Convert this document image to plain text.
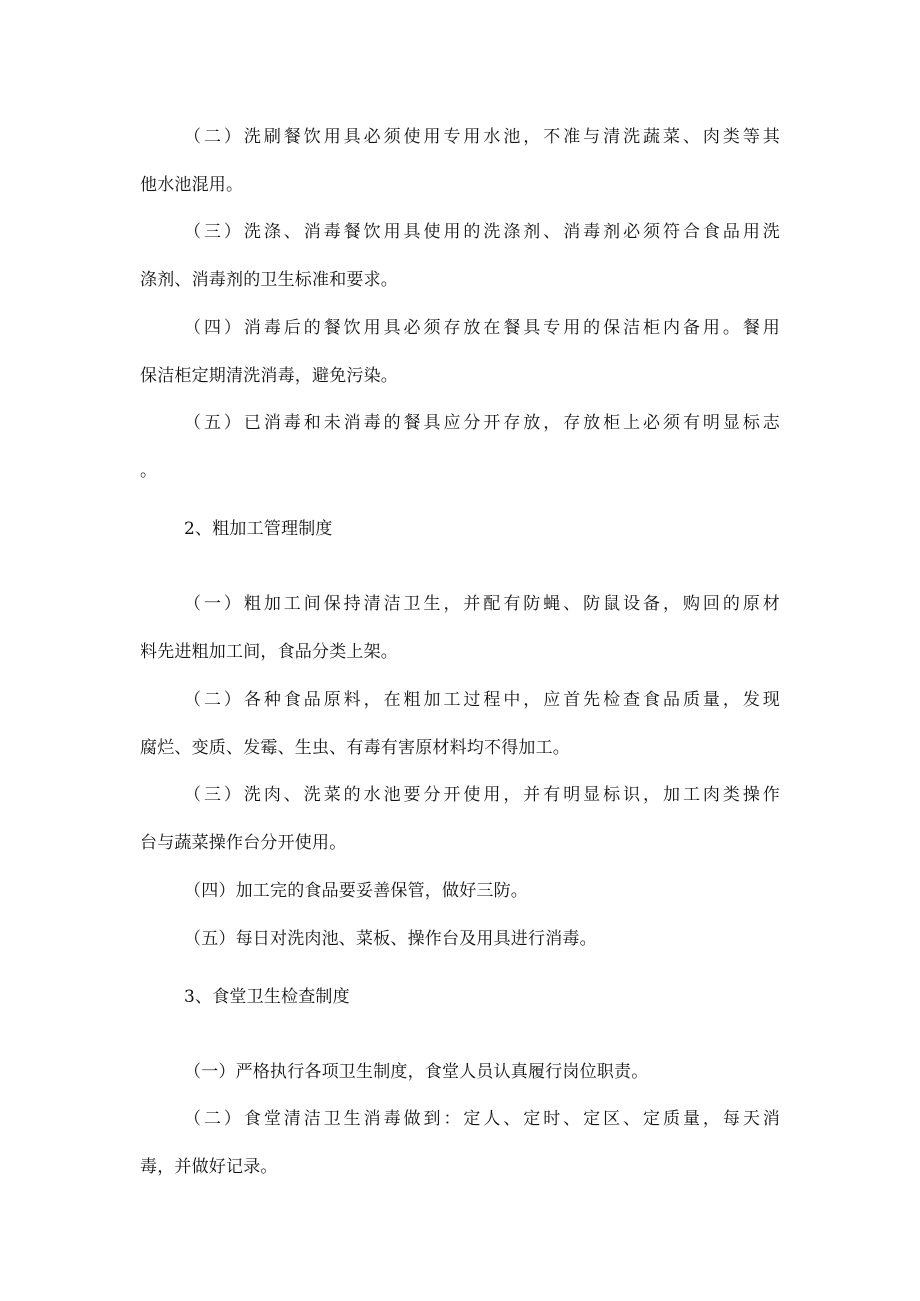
（二）洗刷餐饮用具必须使用专用水池，不准与清洗蔬菜、肉类等其
他水池混用。
（三）洗涤、消毒餐饮用具使用的洗涤剂、消毒剂必须符合食品用洗
涤剂、消毒剂的卫生标准和要求。
（四）消毒后的餐饮用具必须存放在餐具专用的保洁柜内备用。餐用
保洁柜定期清洗消毒，避免污染。
（五）已消毒和未消毒的餐具应分开存放，存放柜上必须有明显标志
。
2、粗加工管理制度
（一）粗加工间保持清洁卫生，并配有防蝇、防鼠设备，购回的原材
料先进粗加工间，食品分类上架。
（二）各种食品原料，在粗加工过程中，应首先检查食品质量，发现
腐烂、变质、发霉、生虫、有毒有害原材料均不得加工。
（三）洗肉、洗菜的水池要分开使用，并有明显标识，加工肉类操作
台与蔬菜操作台分开使用。
（四）加工完的食品要妥善保管，做好三防。
（五）每日对洗肉池、菜板、操作台及用具进行消毒。
3、食堂卫生检查制度
（一）严格执行各项卫生制度，食堂人员认真履行岗位职责。
（二）食堂清洁卫生消毒做到：定人、定时、定区、定质量，每天消
毒，并做好记录。
